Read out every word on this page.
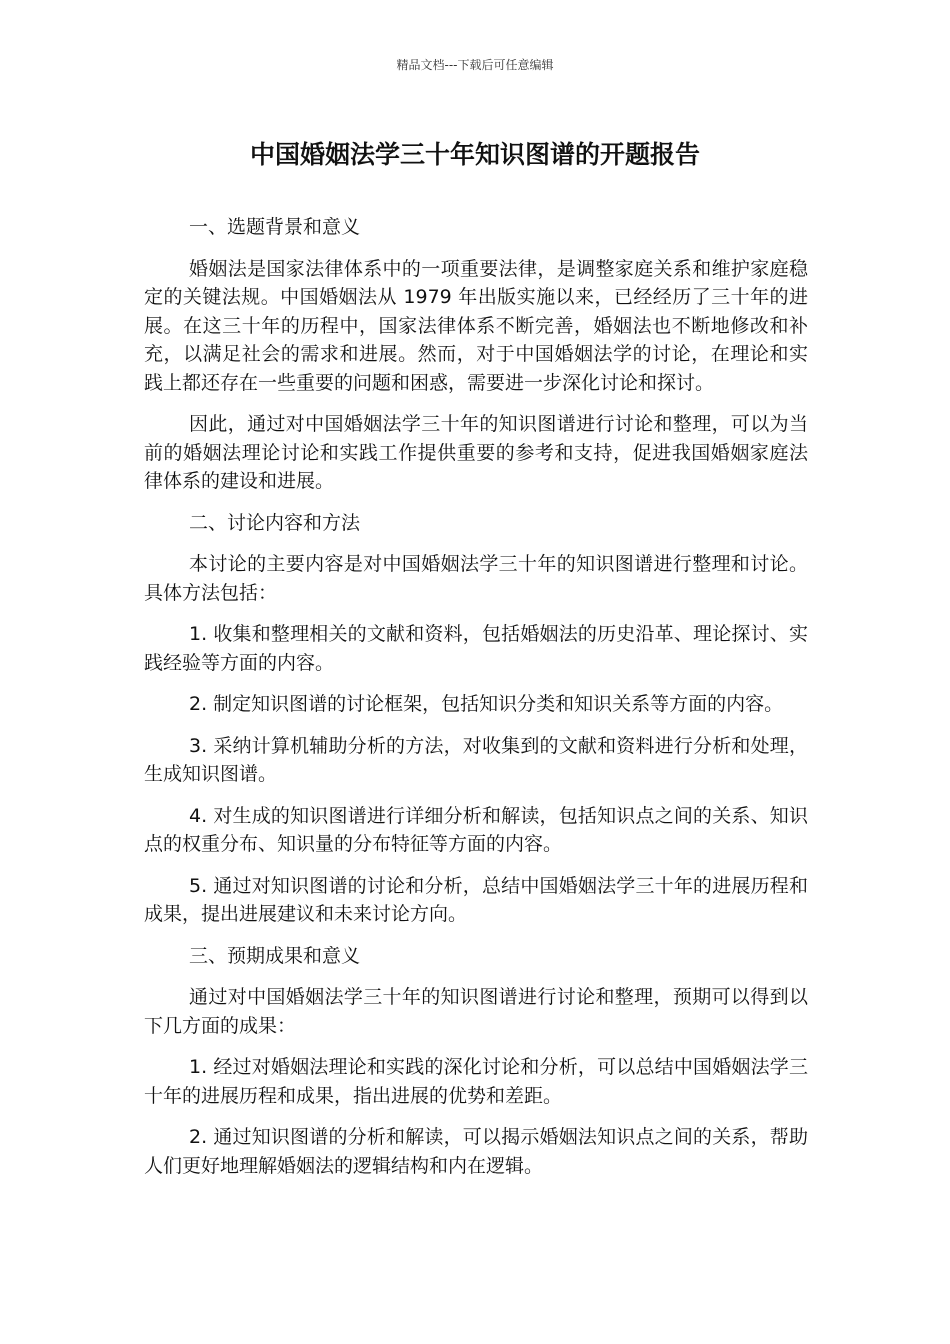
精品文档---下载后可任意编辑
中国婚姻法学三十年知识图谱的开题报告

一、选题背景和意义

婚姻法是国家法律体系中的一项重要法律，是调整家庭关系和维护家庭稳定的关键法规。中国婚姻法从 1979 年出版实施以来，已经经历了三十年的进展。在这三十年的历程中，国家法律体系不断完善，婚姻法也不断地修改和补充，以满足社会的需求和进展。然而，对于中国婚姻法学的讨论，在理论和实践上都还存在一些重要的问题和困惑，需要进一步深化讨论和探讨。

因此，通过对中国婚姻法学三十年的知识图谱进行讨论和整理，可以为当前的婚姻法理论讨论和实践工作提供重要的参考和支持，促进我国婚姻家庭法律体系的建设和进展。

二、讨论内容和方法

本讨论的主要内容是对中国婚姻法学三十年的知识图谱进行整理和讨论。具体方法包括：

1. 收集和整理相关的文献和资料，包括婚姻法的历史沿革、理论探讨、实践经验等方面的内容。

2. 制定知识图谱的讨论框架，包括知识分类和知识关系等方面的内容。

3. 采纳计算机辅助分析的方法，对收集到的文献和资料进行分析和处理，生成知识图谱。

4. 对生成的知识图谱进行详细分析和解读，包括知识点之间的关系、知识点的权重分布、知识量的分布特征等方面的内容。

5. 通过对知识图谱的讨论和分析，总结中国婚姻法学三十年的进展历程和成果，提出进展建议和未来讨论方向。

三、预期成果和意义

通过对中国婚姻法学三十年的知识图谱进行讨论和整理，预期可以得到以下几方面的成果：

1. 经过对婚姻法理论和实践的深化讨论和分析，可以总结中国婚姻法学三十年的进展历程和成果，指出进展的优势和差距。

2. 通过知识图谱的分析和解读，可以揭示婚姻法知识点之间的关系，帮助人们更好地理解婚姻法的逻辑结构和内在逻辑。
